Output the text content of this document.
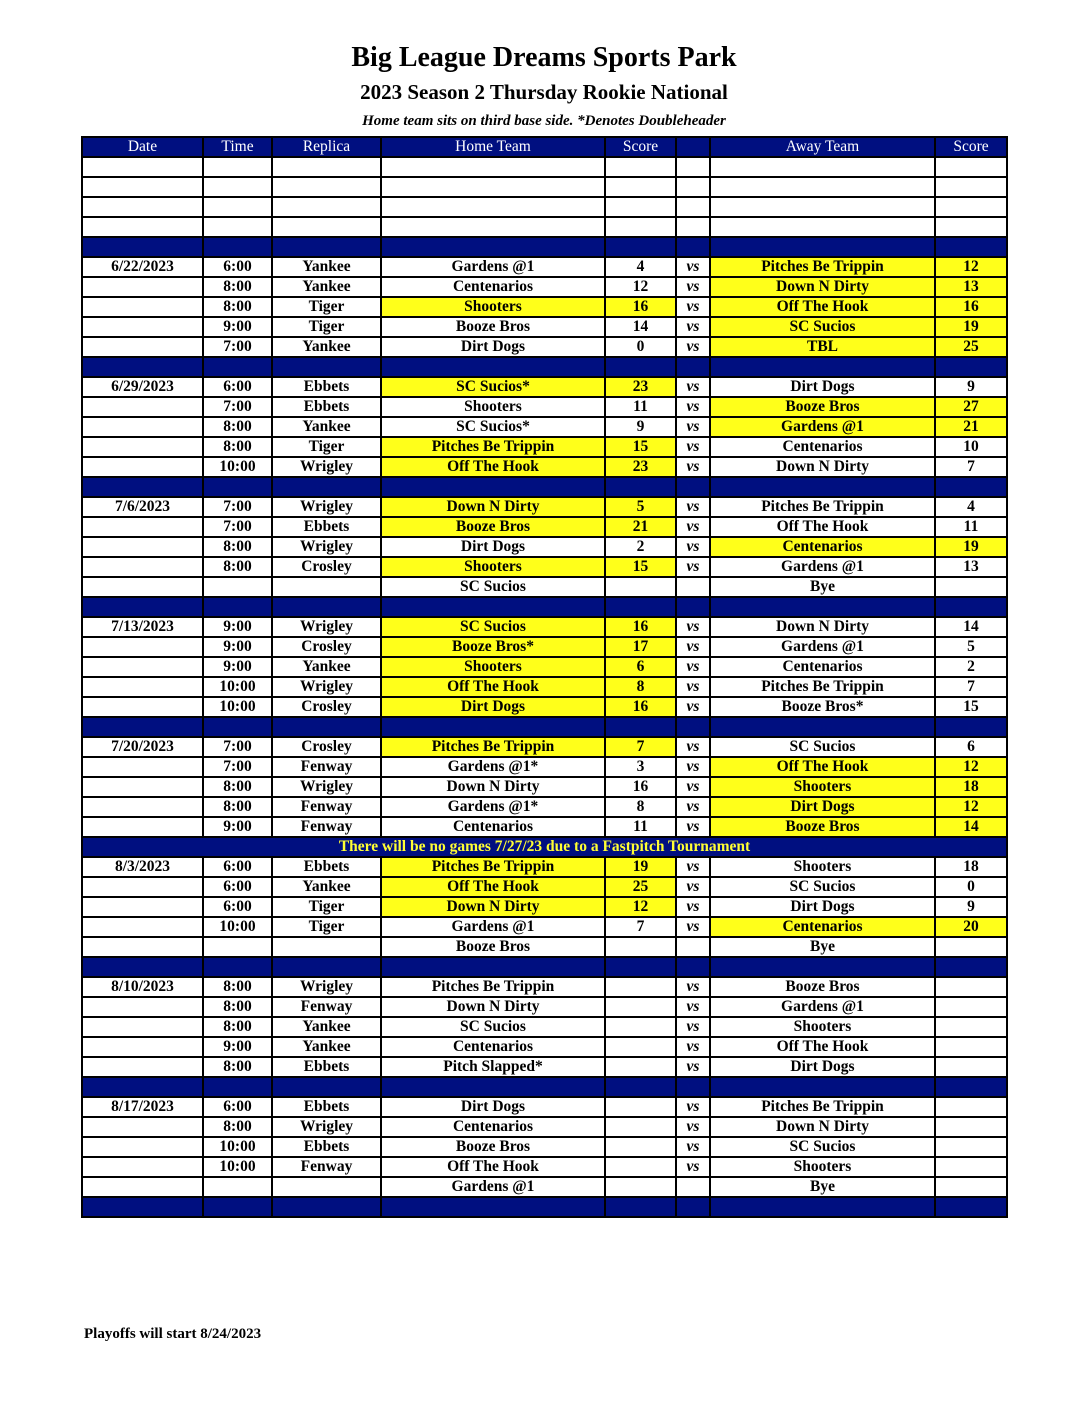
Big League Dreams Sports Park
2023 Season 2 Thursday Rookie National
Home team sits on third base side. *Denotes Doubleheader
Date	Time	Replica	Home Team	Score		Away Team	Score

6/22/2023	6:00	Yankee	Gardens @1	4	vs	Pitches Be Trippin	12
	8:00	Yankee	Centenarios	12	vs	Down N Dirty	13
	8:00	Tiger	Shooters	16	vs	Off The Hook	16
	9:00	Tiger	Booze Bros	14	vs	SC Sucios	19
	7:00	Yankee	Dirt Dogs	0	vs	TBL	25

6/29/2023	6:00	Ebbets	SC Sucios*	23	vs	Dirt Dogs	9
	7:00	Ebbets	Shooters	11	vs	Booze Bros	27
	8:00	Yankee	SC Sucios*	9	vs	Gardens @1	21
	8:00	Tiger	Pitches Be Trippin	15	vs	Centenarios	10
	10:00	Wrigley	Off The Hook	23	vs	Down N Dirty	7

7/6/2023	7:00	Wrigley	Down N Dirty	5	vs	Pitches Be Trippin	4
	7:00	Ebbets	Booze Bros	21	vs	Off The Hook	11
	8:00	Wrigley	Dirt Dogs	2	vs	Centenarios	19
	8:00	Crosley	Shooters	15	vs	Gardens @1	13
			SC Sucios			Bye	

7/13/2023	9:00	Wrigley	SC Sucios	16	vs	Down N Dirty	14
	9:00	Crosley	Booze Bros*	17	vs	Gardens @1	5
	9:00	Yankee	Shooters	6	vs	Centenarios	2
	10:00	Wrigley	Off The Hook	8	vs	Pitches Be Trippin	7
	10:00	Crosley	Dirt Dogs	16	vs	Booze Bros*	15

7/20/2023	7:00	Crosley	Pitches Be Trippin	7	vs	SC Sucios	6
	7:00	Fenway	Gardens @1*	3	vs	Off The Hook	12
	8:00	Wrigley	Down N Dirty	16	vs	Shooters	18
	8:00	Fenway	Gardens @1*	8	vs	Dirt Dogs	12
	9:00	Fenway	Centenarios	11	vs	Booze Bros	14
There will be no games 7/27/23 due to a Fastpitch Tournament							
8/3/2023	6:00	Ebbets	Pitches Be Trippin	19	vs	Shooters	18
	6:00	Yankee	Off The Hook	25	vs	SC Sucios	0
	6:00	Tiger	Down N Dirty	12	vs	Dirt Dogs	9
	10:00	Tiger	Gardens @1	7	vs	Centenarios	20
			Booze Bros			Bye	

8/10/2023	8:00	Wrigley	Pitches Be Trippin		vs	Booze Bros	
	8:00	Fenway	Down N Dirty		vs	Gardens @1	
	8:00	Yankee	SC Sucios		vs	Shooters	
	9:00	Yankee	Centenarios		vs	Off The Hook	
	8:00	Ebbets	Pitch Slapped*		vs	Dirt Dogs	

8/17/2023	6:00	Ebbets	Dirt Dogs		vs	Pitches Be Trippin	
	8:00	Wrigley	Centenarios		vs	Down N Dirty	
	10:00	Ebbets	Booze Bros		vs	SC Sucios	
	10:00	Fenway	Off The Hook		vs	Shooters	
			Gardens @1			Bye	

Playoffs will start 8/24/2023
